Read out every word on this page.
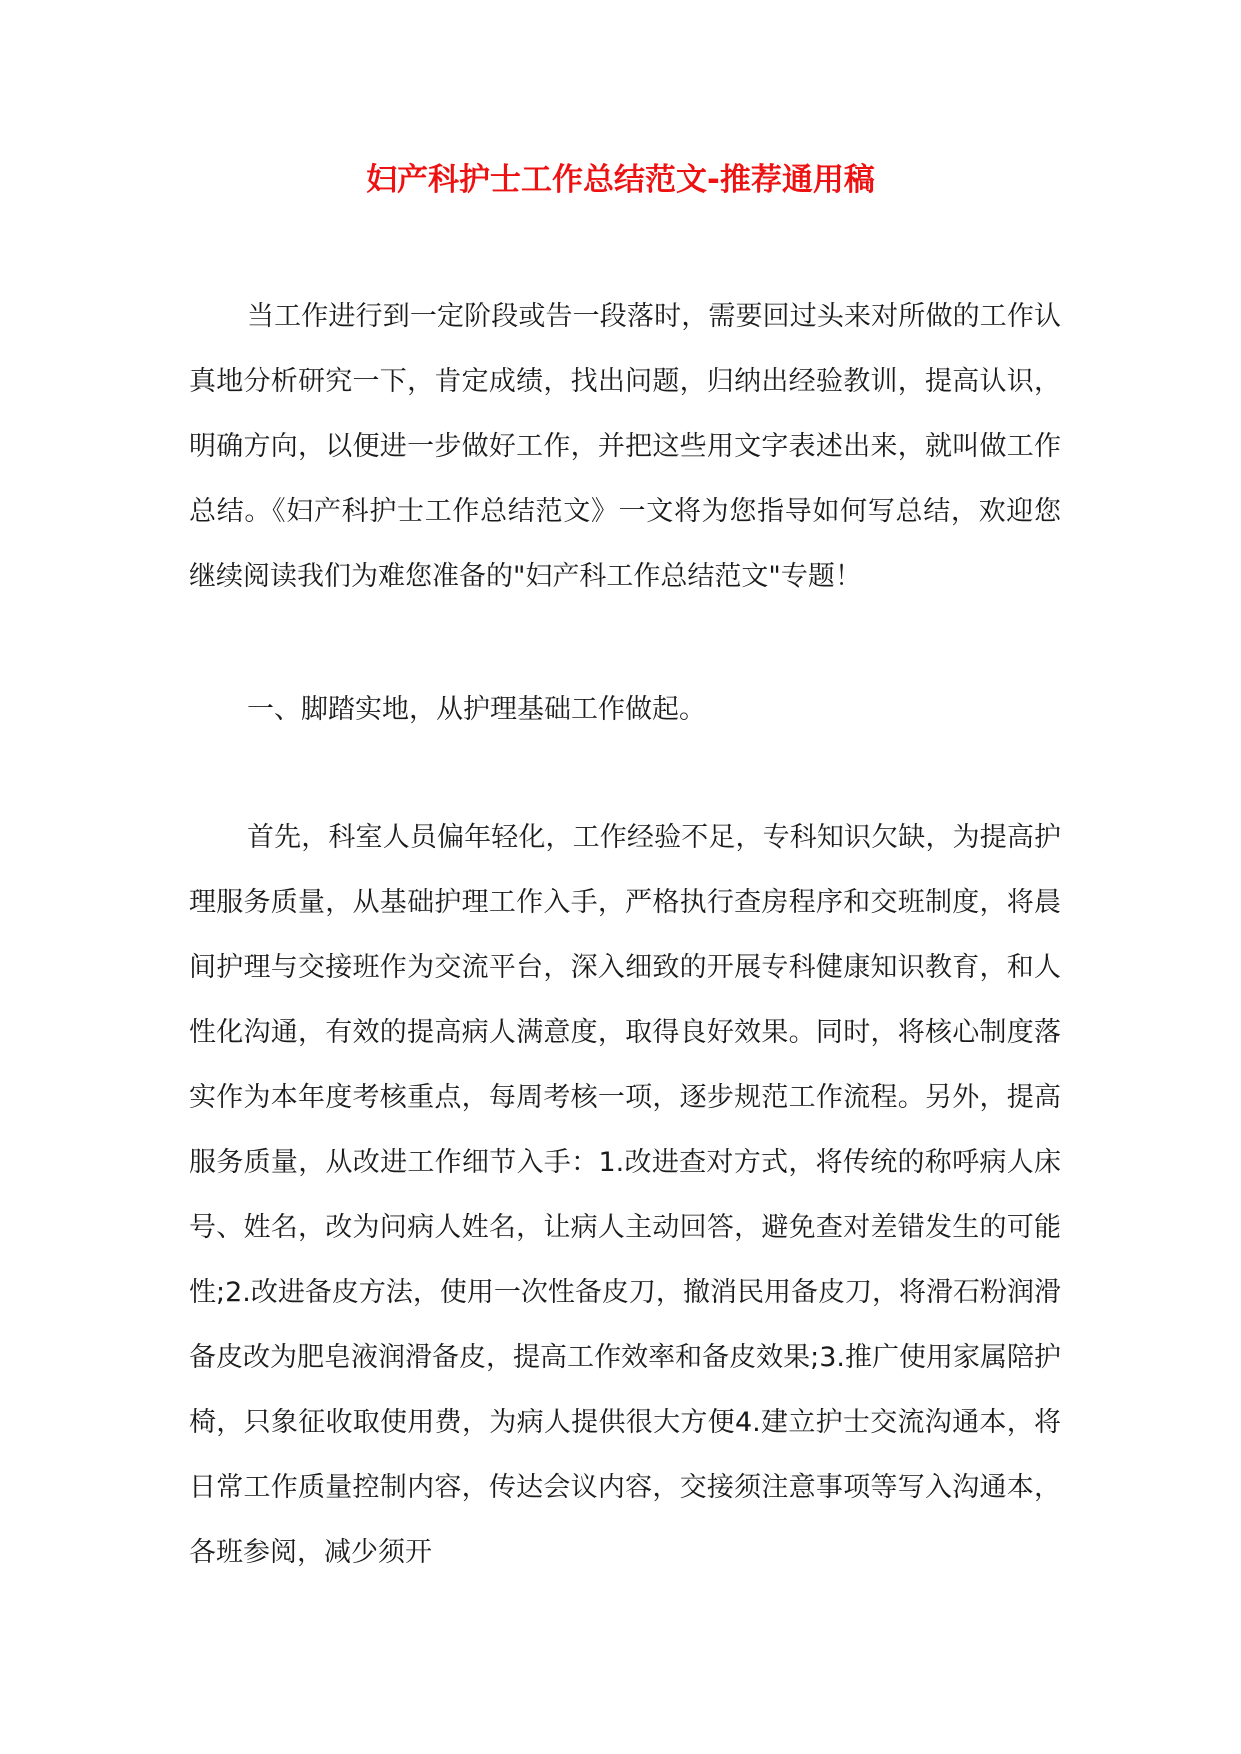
妇产科护士工作总结范文-推荐通用稿

当工作进行到一定阶段或告一段落时，需要回过头来对所做的工作认真地分析研究一下，肯定成绩，找出问题，归纳出经验教训，提高认识，明确方向，以便进一步做好工作，并把这些用文字表述出来，就叫做工作总结。《妇产科护士工作总结范文》一文将为您指导如何写总结，欢迎您继续阅读我们为难您准备的"妇产科工作总结范文"专题！

一、脚踏实地，从护理基础工作做起。

首先，科室人员偏年轻化，工作经验不足，专科知识欠缺，为提高护理服务质量，从基础护理工作入手，严格执行查房程序和交班制度，将晨间护理与交接班作为交流平台，深入细致的开展专科健康知识教育，和人性化沟通，有效的提高病人满意度，取得良好效果。同时，将核心制度落实作为本年度考核重点，每周考核一项，逐步规范工作流程。另外，提高服务质量，从改进工作细节入手：1.改进查对方式，将传统的称呼病人床号、姓名，改为问病人姓名，让病人主动回答，避免查对差错发生的可能性;2.改进备皮方法，使用一次性备皮刀，撤消民用备皮刀，将滑石粉润滑备皮改为肥皂液润滑备皮，提高工作效率和备皮效果;3.推广使用家属陪护椅，只象征收取使用费，为病人提供很大方便4.建立护士交流沟通本，将日常工作质量控制内容，传达会议内容，交接须注意事项等写入沟通本，各班参阅，减少须开
